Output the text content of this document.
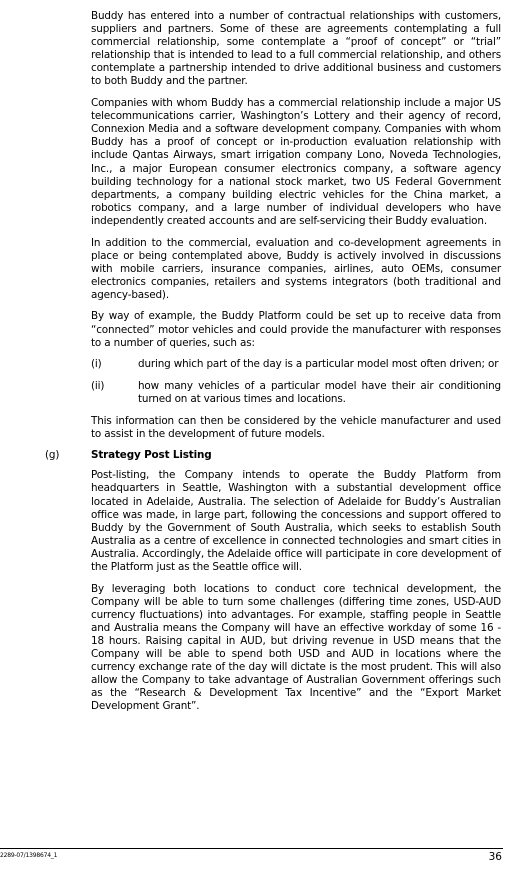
Buddy has entered into a number of contractual relationships with customers, suppliers and partners. Some of these are agreements contemplating a full commercial relationship, some contemplate a “proof of concept” or “trial” relationship that is intended to lead to a full commercial relationship, and others contemplate a partnership intended to drive additional business and customers to both Buddy and the partner.

Companies with whom Buddy has a commercial relationship include a major US telecommunications carrier, Washington’s Lottery and their agency of record, Connexion Media and a software development company. Companies with whom Buddy has a proof of concept or in-production evaluation relationship with include Qantas Airways, smart irrigation company Lono, Noveda Technologies, Inc., a major European consumer electronics company, a software agency building technology for a national stock market, two US Federal Government departments, a company building electric vehicles for the China market, a robotics company, and a large number of individual developers who have independently created accounts and are self-servicing their Buddy evaluation.

In addition to the commercial, evaluation and co-development agreements in place or being contemplated above, Buddy is actively involved in discussions with mobile carriers, insurance companies, airlines, auto OEMs, consumer electronics companies, retailers and systems integrators (both traditional and agency-based).

By way of example, the Buddy Platform could be set up to receive data from “connected” motor vehicles and could provide the manufacturer with responses to a number of queries, such as:

(i)	during which part of the day is a particular model most often driven; or
(ii)	how many vehicles of a particular model have their air conditioning turned on at various times and locations.

This information can then be considered by the vehicle manufacturer and used to assist in the development of future models.

(g)	Strategy Post Listing

Post-listing, the Company intends to operate the Buddy Platform from headquarters in Seattle, Washington with a substantial development office located in Adelaide, Australia. The selection of Adelaide for Buddy’s Australian office was made, in large part, following the concessions and support offered to Buddy by the Government of South Australia, which seeks to establish South Australia as a centre of excellence in connected technologies and smart cities in Australia. Accordingly, the Adelaide office will participate in core development of the Platform just as the Seattle office will.

By leveraging both locations to conduct core technical development, the Company will be able to turn some challenges (differing time zones, USD-AUD currency fluctuations) into advantages. For example, staffing people in Seattle and Australia means the Company will have an effective workday of some 16 - 18 hours. Raising capital in AUD, but driving revenue in USD means that the Company will be able to spend both USD and AUD in locations where the currency exchange rate of the day will dictate is the most prudent. This will also allow the Company to take advantage of Australian Government offerings such as the “Research & Development Tax Incentive” and the “Export Market Development Grant”.

2289-07/1398674_1	36
